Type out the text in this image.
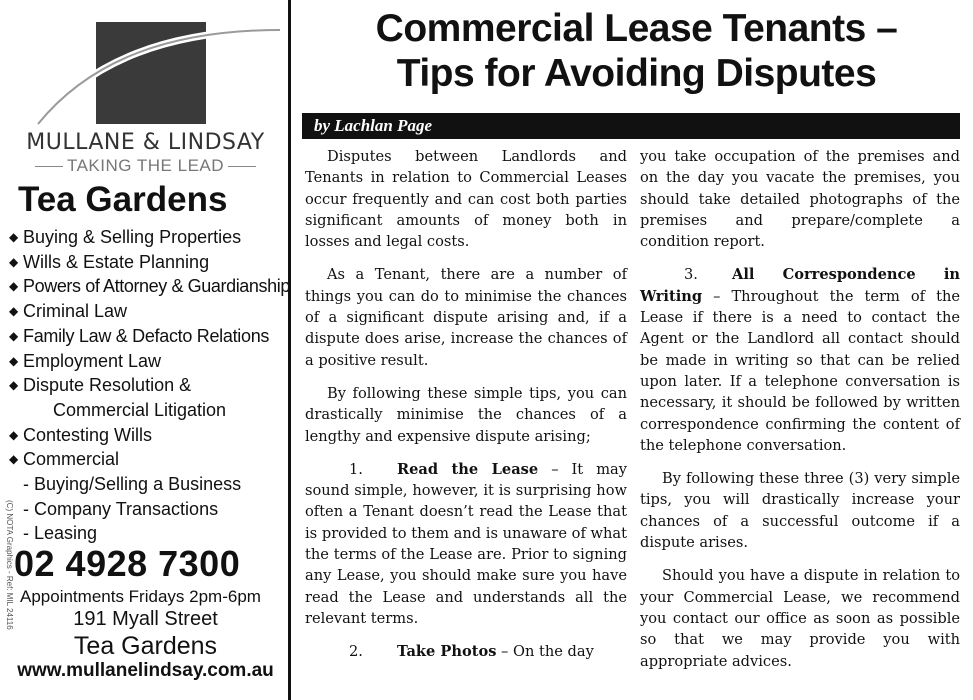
MULLANE & LINDSAY
TAKING THE LEAD
Tea Gardens
◆ Buying & Selling Properties
◆ Wills & Estate Planning
◆ Powers of Attorney & Guardianship
◆ Criminal Law
◆ Family Law & Defacto Relations
◆ Employment Law
◆ Dispute Resolution &
Commercial Litigation
◆ Contesting Wills
◆ Commercial
- Buying/Selling a Business
- Company Transactions
- Leasing
(C) NOTA Graphics - Ref: MIL 24116 02 4928 7300
Appointments Fridays 2pm-6pm
191 Myall Street
Tea Gardens
www.mullanelindsay.com.au
Commercial Lease Tenants –
Tips for Avoiding Disputes
by Lachlan Page

Disputes between Landlords and Tenants in relation to Commercial Leases occur frequently and can cost both parties significant amounts of money both in losses and legal costs.

As a Tenant, there are a number of things you can do to minimise the chances of a significant dispute arising and, if a dispute does arise, increase the chances of a positive result.

By following these simple tips, you can drastically minimise the chances of a lengthy and expensive dispute arising;

1. Read the Lease – It may sound simple, however, it is surprising how often a Tenant doesn’t read the Lease that is provided to them and is unaware of what the terms of the Lease are. Prior to signing any Lease, you should make sure you have read the Lease and understands all the relevant terms.

2. Take Photos – On the day

you take occupation of the premises and on the day you vacate the premises, you should take detailed photographs of the premises and prepare/complete a condition report.

3. All Correspondence in Writing – Throughout the term of the Lease if there is a need to contact the Agent or the Landlord all contact should be made in writing so that can be relied upon later. If a telephone conversation is necessary, it should be followed by written correspondence confirming the content of the telephone conversation.

By following these three (3) very simple tips, you will drastically increase your chances of a successful outcome if a dispute arises.

Should you have a dispute in relation to your Commercial Lease, we recommend you contact our office as soon as possible so that we may provide you with appropriate advices.
